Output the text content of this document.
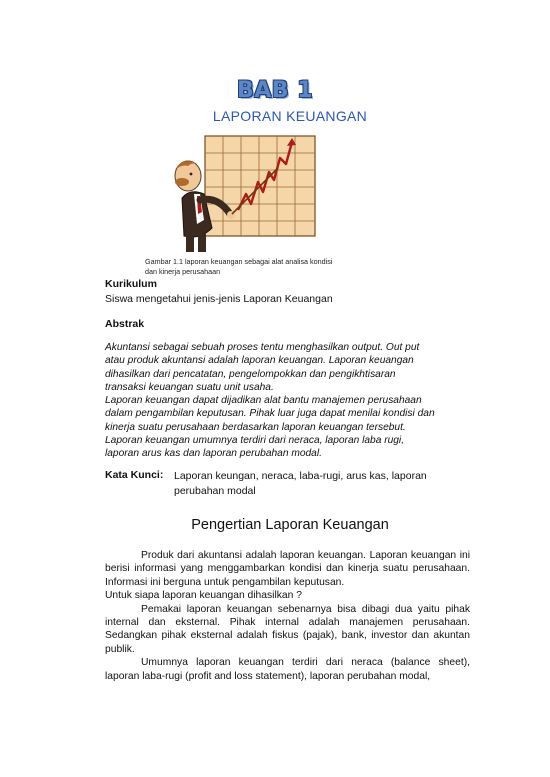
BAB 1
LAPORAN KEUANGAN
Gambar 1.1 laporan keuangan sebagai alat analisa kondisi
dan kinerja perusahaan
Kurikulum
Siswa mengetahui jenis-jenis Laporan Keuangan
Abstrak

Akuntansi sebagai sebuah proses tentu menghasilkan output. Out put

atau produk akuntansi adalah laporan keuangan. Laporan keuangan

dihasilkan dari pencatatan, pengelompokkan dan pengikhtisaran

transaksi keuangan suatu unit usaha.

Laporan keuangan dapat dijadikan alat bantu manajemen perusahaan

dalam pengambilan keputusan. Pihak luar juga dapat menilai kondisi dan

kinerja suatu perusahaan berdasarkan laporan keuangan tersebut.

Laporan keuangan umumnya terdiri dari neraca, laporan laba rugi,

laporan arus kas dan laporan perubahan modal.

Kata Kunci: Laporan keungan, neraca, laba-rugi, arus kas, laporan
perubahan modal
Pengertian Laporan Keuangan

Produk dari akuntansi adalah laporan keuangan. Laporan keuangan ini berisi informasi yang menggambarkan kondisi dan kinerja suatu perusahaan. Informasi ini berguna untuk pengambilan keputusan.

Untuk siapa laporan keuangan dihasilkan ?

Pemakai laporan keuangan sebenarnya bisa dibagi dua yaitu pihak internal dan eksternal. Pihak internal adalah manajemen perusahaan. Sedangkan pihak eksternal adalah fiskus (pajak), bank, investor dan akuntan publik.

Umumnya laporan keuangan terdiri dari neraca (balance sheet), laporan laba-rugi (profit and loss statement), laporan perubahan modal,
